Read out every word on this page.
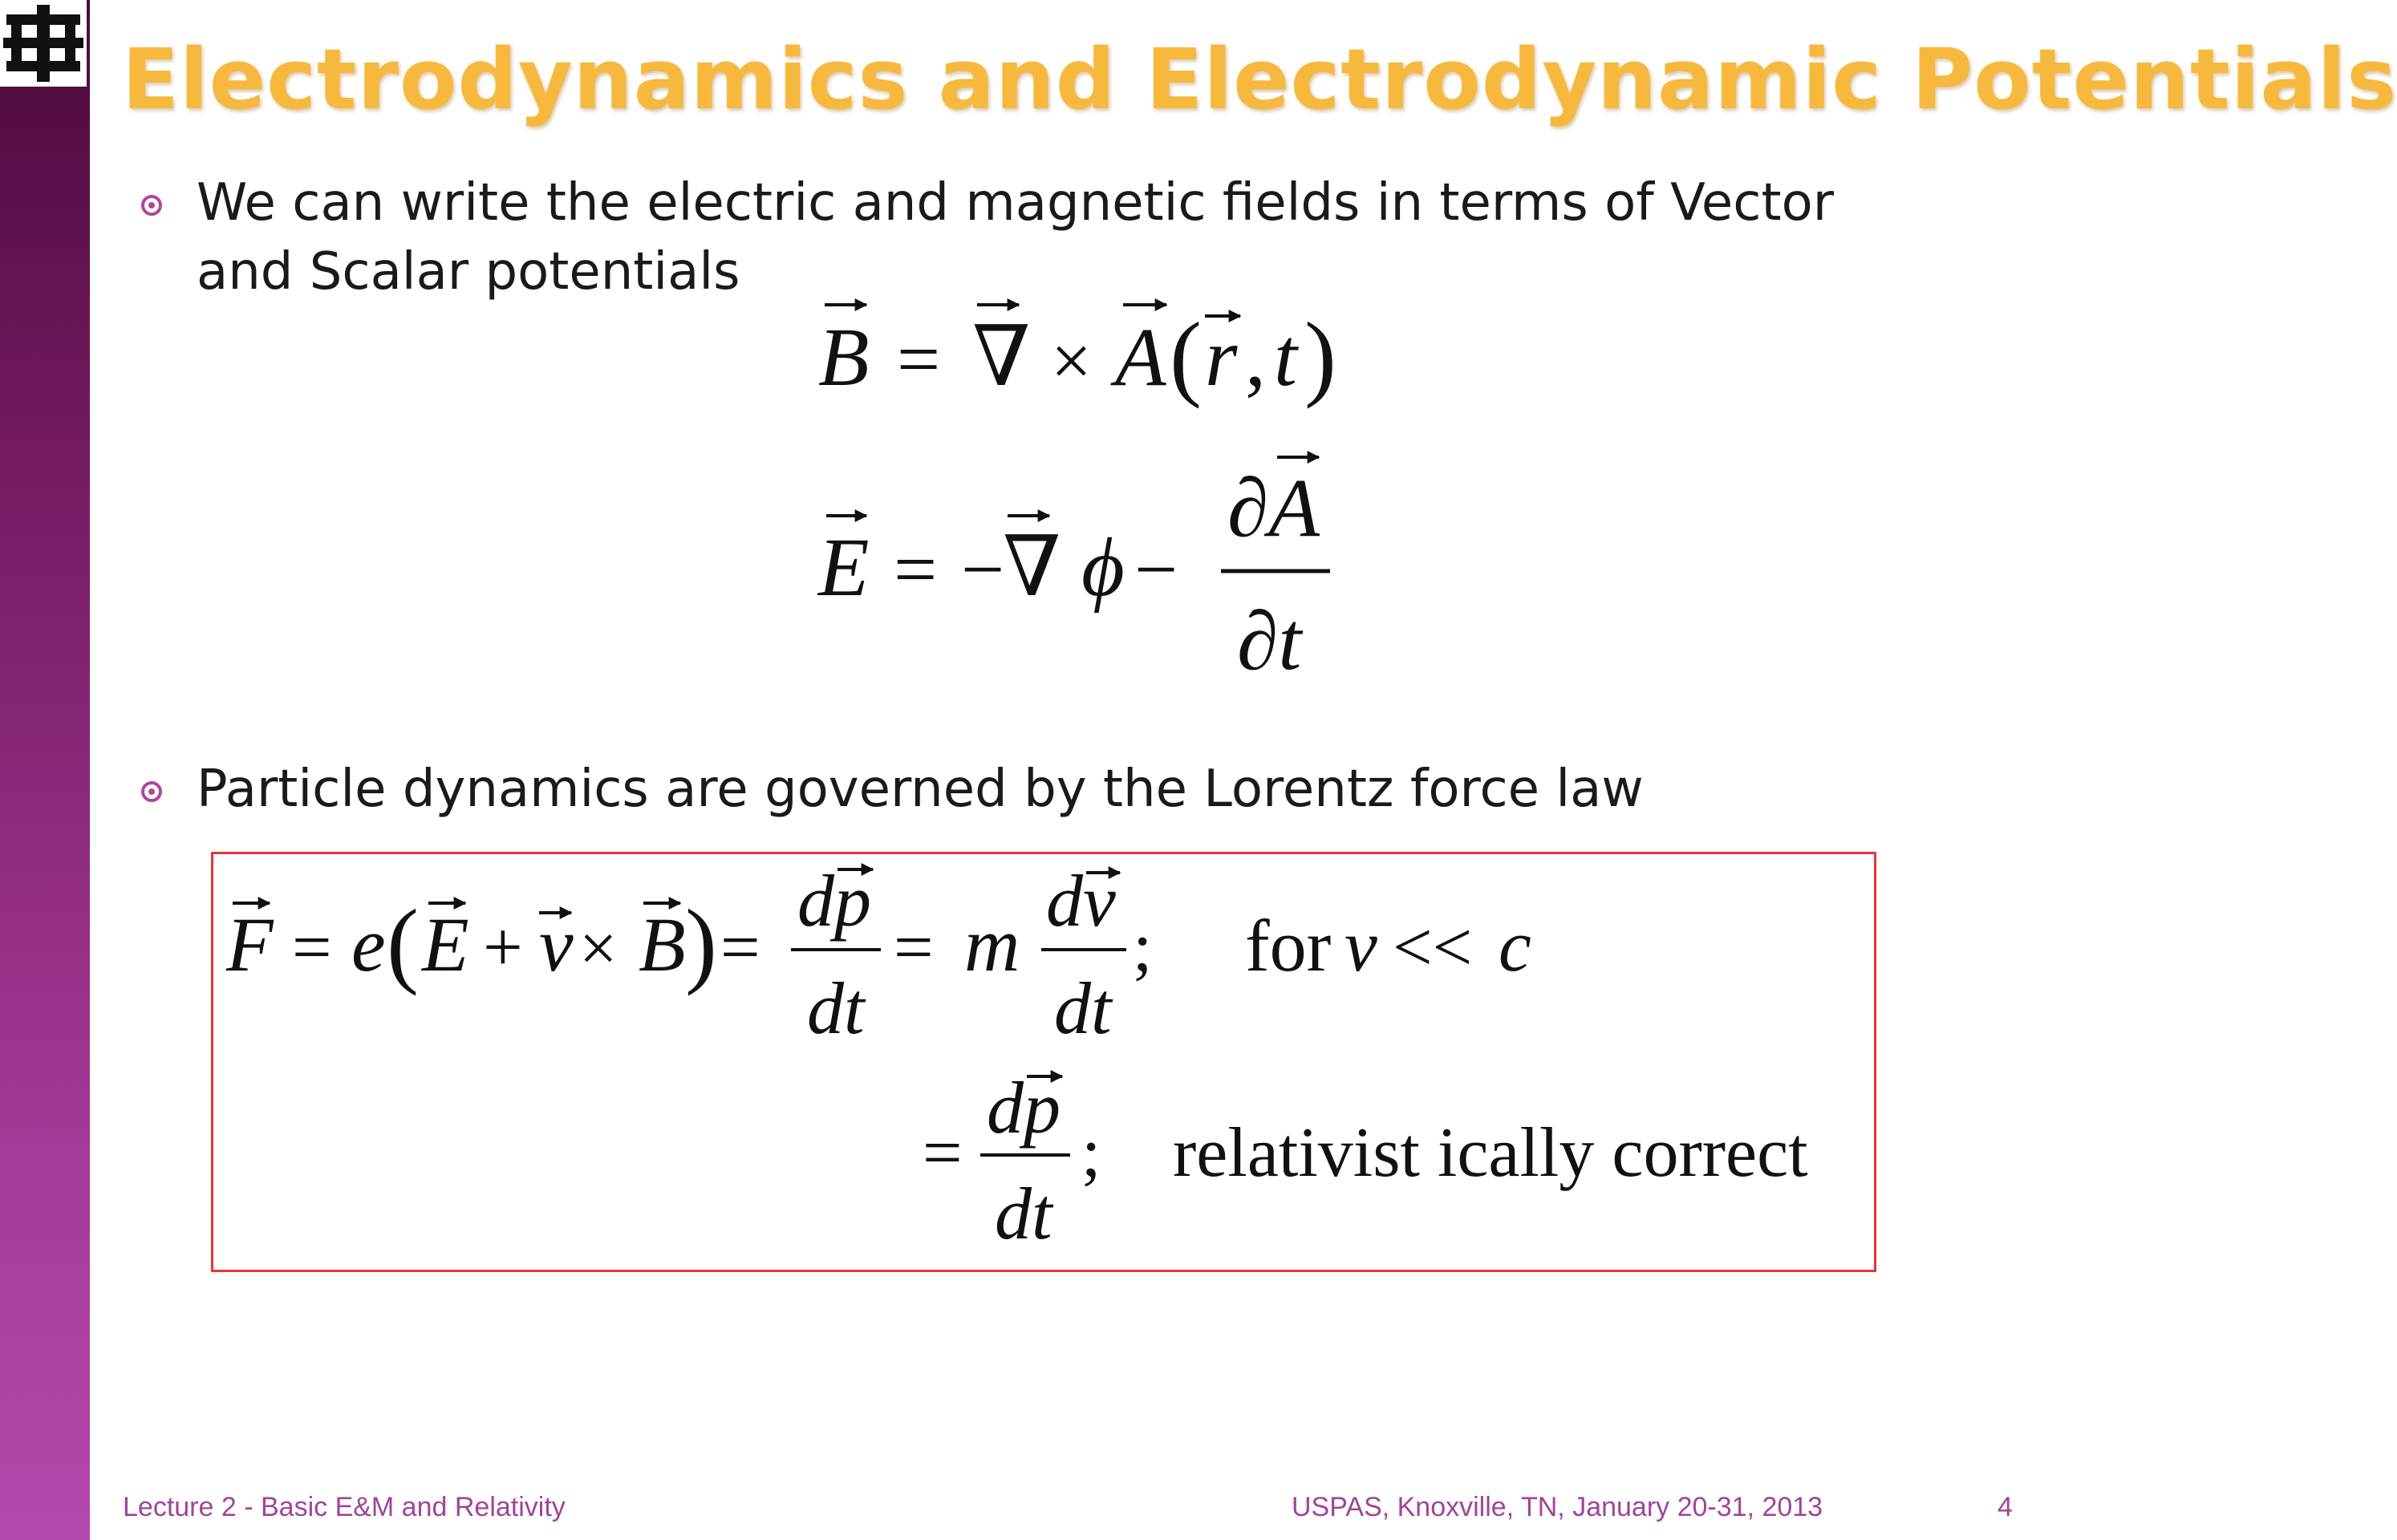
Electrodynamics and Electrodynamic Potentials

We can write the electric and magnetic fields in terms of Vector and Scalar potentials

B = ∇ × A ( r , t )
E = −
∇ ϕ −
∂A
∂t

Particle dynamics are governed by the Lorentz force law

F = e ( E + v × B ) =
dp
dt
= m
dv
dt
; for v << c
=
dp
dt
; relativist ically correct

Lecture 2 - Basic E&M and Relativity	USPAS, Knoxville, TN, January 20-31, 2013	4
